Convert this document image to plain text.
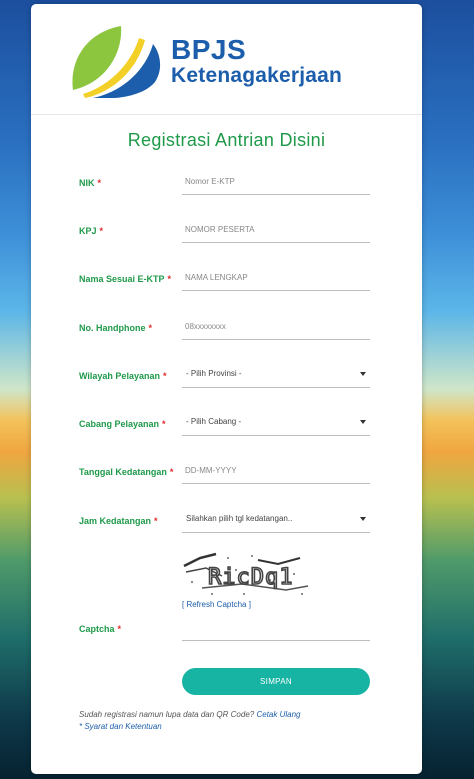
BPJS
Ketenagakerjaan
Registrasi Antrian Disini
NIK *
Nomor E-KTP
KPJ *
NOMOR PESERTA
Nama Sesuai E-KTP *
NAMA LENGKAP
No. Handphone *
08xxxxxxxx
Wilayah Pelayanan * - Pilih Provinsi -
Cabang Pelayanan *	- Pilih Cabang -
Tanggal Kedatangan *
DD-MM-YYYY
Jam Kedatangan *	Silahkan pilih tgl kedatangan..
RicDq1
[ Refresh Captcha ]
Captcha *
SIMPAN
Sudah registrasi namun lupa data dan QR Code? Cetak Ulang
* Syarat dan Ketentuan
